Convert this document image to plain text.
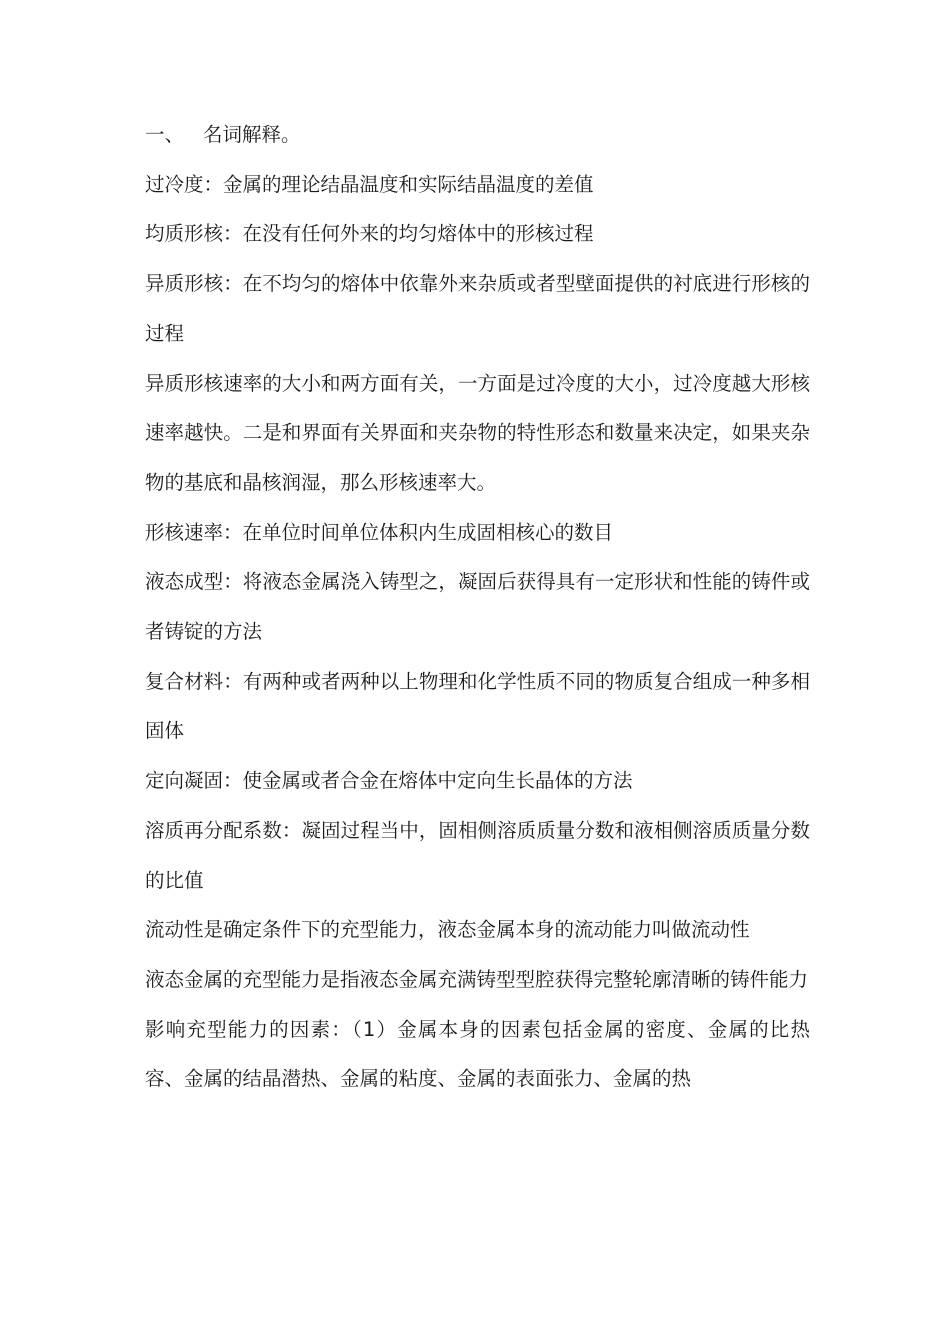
一、 名词解释。

过冷度：金属的理论结晶温度和实际结晶温度的差值

均质形核：在没有任何外来的均匀熔体中的形核过程

异质形核：在不均匀的熔体中依靠外来杂质或者型壁面提供的衬底进行形核的过程

异质形核速率的大小和两方面有关，一方面是过冷度的大小，过冷度越大形核速率越快。二是和界面有关界面和夹杂物的特性形态和数量来决定，如果夹杂物的基底和晶核润湿，那么形核速率大。

形核速率：在单位时间单位体积内生成固相核心的数目

液态成型：将液态金属浇入铸型之，凝固后获得具有一定形状和性能的铸件或者铸锭的方法

复合材料：有两种或者两种以上物理和化学性质不同的物质复合组成一种多相固体

定向凝固：使金属或者合金在熔体中定向生长晶体的方法

溶质再分配系数：凝固过程当中，固相侧溶质质量分数和液相侧溶质质量分数的比值

流动性是确定条件下的充型能力，液态金属本身的流动能力叫做流动性

液态金属的充型能力是指液态金属充满铸型型腔获得完整轮廓清晰的铸件能力

影响充型能力的因素：（1）金属本身的因素包括金属的密度、金属的比热容、金属的结晶潜热、金属的粘度、金属的表面张力、金属的热
